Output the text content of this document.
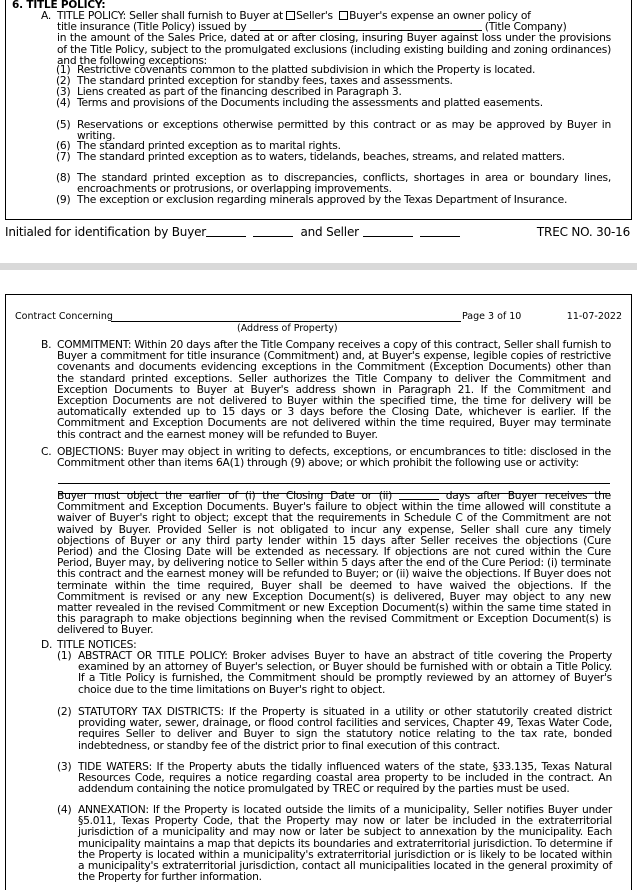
6. TITLE POLICY:
A. TITLE POLICY: Seller shall furnish to Buyer at Seller's Buyer's expense an owner policy of
title insurance (Title Policy) issued by	(Title Company)
in the amount of the Sales Price, dated at or after closing, insuring Buyer against loss under the provisions of the Title Policy, subject to the promulgated exclusions (including existing building and zoning ordinances) and the following exceptions:
(1) Restrictive covenants common to the platted subdivision in which the Property is located.
(2) The standard printed exception for standby fees, taxes and assessments.
(3) Liens created as part of the financing described in Paragraph 3.
(4) Terms and provisions of the Documents including the assessments and platted easements.
(5) Reservations or exceptions otherwise permitted by this contract or as may be approved by Buyer in writing.
(6) The standard printed exception as to marital rights.
(7) The standard printed exception as to waters, tidelands, beaches, streams, and related matters.
(8) The standard printed exception as to discrepancies, conflicts, shortages in area or boundary lines, encroachments or protrusions, or overlapping improvements.
(9) The exception or exclusion regarding minerals approved by the Texas Department of Insurance.
Initialed for identification by Buyer	and Seller	TREC NO. 30-16
Contract Concerning	Page 3 of 10	11-07-2022
(Address of Property)
B. COMMITMENT: Within 20 days after the Title Company receives a copy of this contract, Seller shall furnish to Buyer a commitment for title insurance (Commitment) and, at Buyer's expense, legible copies of restrictive covenants and documents evidencing exceptions in the Commitment (Exception Documents) other than the standard printed exceptions. Seller authorizes the Title Company to deliver the Commitment and Exception Documents to Buyer at Buyer's address shown in Paragraph 21. If the Commitment and Exception Documents are not delivered to Buyer within the specified time, the time for delivery will be automatically extended up to 15 days or 3 days before the Closing Date, whichever is earlier. If the Commitment and Exception Documents are not delivered within the time required, Buyer may terminate this contract and the earnest money will be refunded to Buyer.
C. OBJECTIONS: Buyer may object in writing to defects, exceptions, or encumbrances to title: disclosed in the Commitment other than items 6A(1) through (9) above; or which prohibit the following use or activity:
Buyer must object the earlier of (i) the Closing Date or (ii)	days after Buyer receives the Commitment and Exception Documents. Buyer's failure to object within the time allowed will constitute a waiver of Buyer's right to object; except that the requirements in Schedule C of the Commitment are not waived by Buyer. Provided Seller is not obligated to incur any expense, Seller shall cure any timely objections of Buyer or any third party lender within 15 days after Seller receives the objections (Cure Period) and the Closing Date will be extended as necessary. If objections are not cured within the Cure Period, Buyer may, by delivering notice to Seller within 5 days after the end of the Cure Period: (i) terminate this contract and the earnest money will be refunded to Buyer; or (ii) waive the objections. If Buyer does not terminate within the time required, Buyer shall be deemed to have waived the objections. If the Commitment is revised or any new Exception Document(s) is delivered, Buyer may object to any new matter revealed in the revised Commitment or new Exception Document(s) within the same time stated in this paragraph to make objections beginning when the revised Commitment or Exception Document(s) is delivered to Buyer.
D. TITLE NOTICES:
(1) ABSTRACT OR TITLE POLICY: Broker advises Buyer to have an abstract of title covering the Property examined by an attorney of Buyer's selection, or Buyer should be furnished with or obtain a Title Policy. If a Title Policy is furnished, the Commitment should be promptly reviewed by an attorney of Buyer's choice due to the time limitations on Buyer's right to object.
(2) STATUTORY TAX DISTRICTS: If the Property is situated in a utility or other statutorily created district providing water, sewer, drainage, or flood control facilities and services, Chapter 49, Texas Water Code, requires Seller to deliver and Buyer to sign the statutory notice relating to the tax rate, bonded indebtedness, or standby fee of the district prior to final execution of this contract.
(3) TIDE WATERS: If the Property abuts the tidally influenced waters of the state, §33.135, Texas Natural Resources Code, requires a notice regarding coastal area property to be included in the contract. An addendum containing the notice promulgated by TREC or required by the parties must be used.
(4) ANNEXATION: If the Property is located outside the limits of a municipality, Seller notifies Buyer under §5.011, Texas Property Code, that the Property may now or later be included in the extraterritorial jurisdiction of a municipality and may now or later be subject to annexation by the municipality. Each municipality maintains a map that depicts its boundaries and extraterritorial jurisdiction. To determine if the Property is located within a municipality's extraterritorial jurisdiction or is likely to be located within a municipality's extraterritorial jurisdiction, contact all municipalities located in the general proximity of the Property for further information.
